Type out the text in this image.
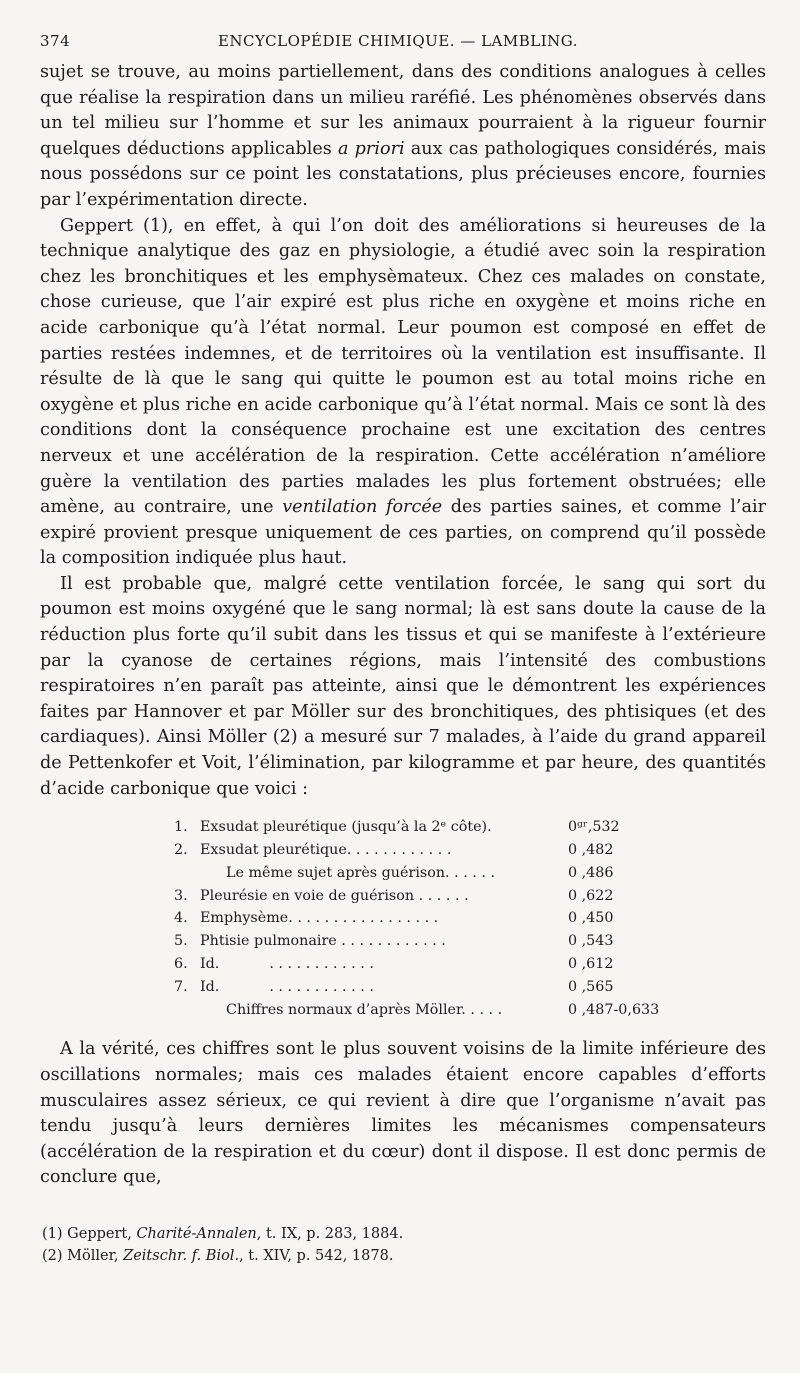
374	ENCYCLOPÉDIE CHIMIQUE. — LAMBLING.

sujet se trouve, au moins partiellement, dans des conditions analogues à celles que réalise la respiration dans un milieu raréfié. Les phénomènes observés dans un tel milieu sur l’homme et sur les animaux pourraient à la rigueur fournir quelques déductions applicables a priori aux cas pathologiques considérés, mais nous possédons sur ce point les constatations, plus précieuses encore, fournies par l’expérimentation directe.

Geppert (1), en effet, à qui l’on doit des améliorations si heureuses de la technique analytique des gaz en physiologie, a étudié avec soin la respiration chez les bronchitiques et les emphysèmateux. Chez ces malades on constate, chose curieuse, que l’air expiré est plus riche en oxygène et moins riche en acide carbonique qu’à l’état normal. Leur poumon est composé en effet de parties restées indemnes, et de territoires où la ventilation est insuffisante. Il résulte de là que le sang qui quitte le poumon est au total moins riche en oxygène et plus riche en acide carbonique qu’à l’état normal. Mais ce sont là des conditions dont la conséquence prochaine est une excitation des centres nerveux et une accélération de la respiration. Cette accélération n’améliore guère la ventilation des parties malades les plus fortement obstruées; elle amène, au contraire, une ventilation forcée des parties saines, et comme l’air expiré provient presque uniquement de ces parties, on comprend qu’il possède la composition indiquée plus haut.

Il est probable que, malgré cette ventilation forcée, le sang qui sort du poumon est moins oxygéné que le sang normal; là est sans doute la cause de la réduction plus forte qu’il subit dans les tissus et qui se manifeste à l’extérieure par la cyanose de certaines régions, mais l’intensité des combustions respiratoires n’en paraît pas atteinte, ainsi que le démontrent les expériences faites par Hannover et par Möller sur des bronchitiques, des phtisiques (et des cardiaques). Ainsi Möller (2) a mesuré sur 7 malades, à l’aide du grand appareil de Pettenkofer et Voit, l’élimination, par kilogramme et par heure, des quantités d’acide carbonique que voici :

1. Exsudat pleurétique (jusqu’à la 2ᵉ côte).	0ᵍʳ,532
2. Exsudat pleurétique. . . . . . . . . . . .	0 ,482
Le même sujet après guérison. . . . . .	0 ,486
3. Pleurésie en voie de guérison . . . . . .	0 ,622
4. Emphysème. . . . . . . . . . . . . . . . .	0 ,450
5. Phtisie pulmonaire . . . . . . . . . . . .	0 ,543
6. Id.           . . . . . . . . . . . .	0 ,612
7. Id.           . . . . . . . . . . . .	0 ,565
Chiffres normaux d’après Möller. . . . .	0 ,487-0,633

A la vérité, ces chiffres sont le plus souvent voisins de la limite inférieure des oscillations normales; mais ces malades étaient encore capables d’efforts musculaires assez sérieux, ce qui revient à dire que l’organisme n’avait pas tendu jusqu’à leurs dernières limites les mécanismes compensateurs (accélération de la respiration et du cœur) dont il dispose. Il est donc permis de conclure que,

(1) Geppert, Charité-Annalen, t. IX, p. 283, 1884.
(2) Möller, Zeitschr. f. Biol., t. XIV, p. 542, 1878.
